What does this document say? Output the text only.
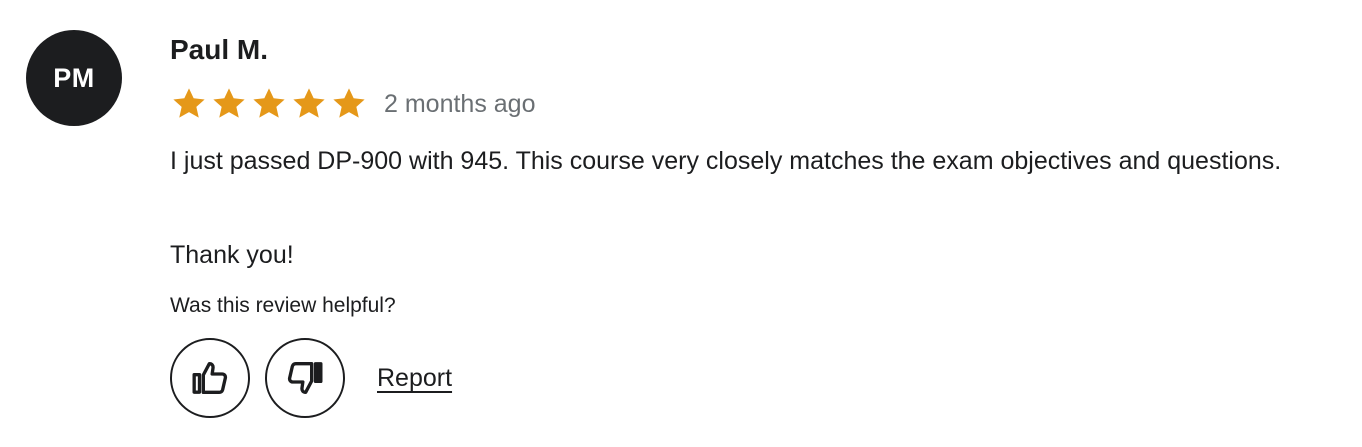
PM
Paul M.
2 months ago

I just passed DP-900 with 945. This course very closely matches the exam objectives and questions.

Thank you!

Was this review helpful?
Report
